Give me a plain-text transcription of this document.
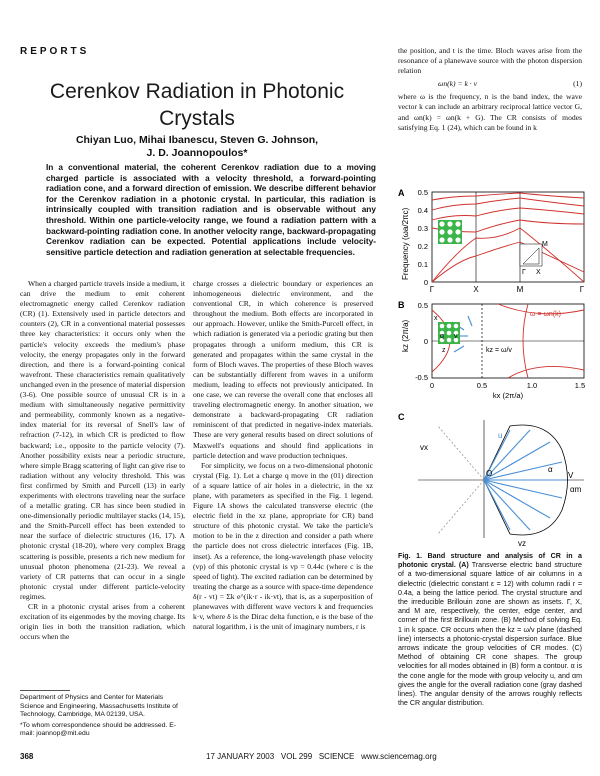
REPORTS
Cerenkov Radiation in Photonic Crystals
Chiyan Luo, Mihai Ibanescu, Steven G. Johnson,
J. D. Joannopoulos*
In a conventional material, the coherent Cerenkov radiation due to a moving charged particle is associated with a velocity threshold, a forward-pointing radiation cone, and a forward direction of emission. We describe different behavior for the Cerenkov radiation in a photonic crystal. In particular, this radiation is intrinsically coupled with transition radiation and is observable without any threshold. Within one particle-velocity range, we found a radiation pattern with a backward-pointing radiation cone. In another velocity range, backward-propagating Cerenkov radiation can be expected. Potential applications include velocity-sensitive particle detection and radiation generation at selectable frequencies.
When a charged particle travels inside a medium, it can drive the medium to emit coherent electromagnetic energy called Cerenkov radiation (CR) (1). Extensively used in particle detectors and counters (2), CR in a conventional material possesses three key characteristics: it occurs only when the particle's velocity exceeds the medium's phase velocity, the energy propagates only in the forward direction, and there is a forward-pointing conical wavefront. These characteristics remain qualitatively unchanged even in the presence of material dispersion (3-6). One possible source of unusual CR is in a medium with simultaneously negative permittivity and permeability, commonly known as a negative-index material for its reversal of Snell's law of refraction (7-12), in which CR is predicted to flow backward; i.e., opposite to the particle velocity (7). Another possibility exists near a periodic structure, where simple Bragg scattering of light can give rise to radiation without any velocity threshold. This was first confirmed by Smith and Purcell (13) in early experiments with electrons traveling near the surface of a metallic grating. CR has since been studied in one-dimensionally periodic multilayer stacks (14, 15), and the Smith-Purcell effect has been extended to near the surface of dielectric structures (16, 17). A photonic crystal (18-20), where very complex Bragg scattering is possible, presents a rich new medium for unusual photon phenomena (21-23). We reveal a variety of CR patterns that can occur in a single photonic crystal under different particle-velocity regimes.
CR in a photonic crystal arises from a coherent excitation of its eigenmodes by the moving charge. Its origin lies in both the transition radiation, which occurs when the
Department of Physics and Center for Materials Science and Engineering, Massachusetts Institute of Technology, Cambridge, MA 02139, USA.
*To whom correspondence should be addressed. E-mail: joannop@mit.edu
charge crosses a dielectric boundary or experiences an inhomogeneous dielectric environment, and the conventional CR, in which coherence is preserved throughout the medium. Both effects are incorporated in our approach. However, unlike the Smith-Purcell effect, in which radiation is generated via a periodic grating but then propagates through a uniform medium, this CR is generated and propagates within the same crystal in the form of Bloch waves. The properties of these Bloch waves can be substantially different from waves in a uniform medium, leading to effects not previously anticipated. In one case, we can reverse the overall cone that encloses all traveling electromagnetic energy. In another situation, we demonstrate a backward-propagating CR radiation reminiscent of that predicted in negative-index materials. These are very general results based on direct solutions of Maxwell's equations and should find applications in particle detection and wave production techniques.
For simplicity, we focus on a two-dimensional photonic crystal (Fig. 1). Let a charge q move in the (01) direction of a square lattice of air holes in a dielectric, in the xz plane, with parameters as specified in the Fig. 1 legend. Figure 1A shows the calculated transverse electric (the electric field in the xz plane, appropriate for CR) band structure of this photonic crystal. We take the particle's motion to be in the z direction and consider a path where the particle does not cross dielectric interfaces (Fig. 1B, inset). As a reference, the long-wavelength phase velocity (vp) of this photonic crystal is vp = 0.44c (where c is the speed of light). The excited radiation can be determined by treating the charge as a source with space-time dependence δ(r - vt) = Σk e^(ik·r - ik·vt), that is, as a superposition of planewaves with different wave vectors k and frequencies k·v, where δ is the Dirac delta function, e is the base of the natural logarithm, i is the unit of imaginary numbers, r is
the position, and t is the time. Bloch waves arise from the resonance of a planewave source with the photon dispersion relation
ωn(k) = k · v	(1)
where ω is the frequency, n is the band index, the wave vector k can include an arbitrary reciprocal lattice vector G, and ωn(k) = ωn(k + G). The CR consists of modes satisfying Eq. 1 (24), which can be found in k
A
Frequency (ωa/2πc)
0.5
0.4
0.3
0.2
0.1
0
M
Γ X
Γ	X	M	Γ
B
kz (2π/a)
0.5
0
-0.5
ω = ωn(k)
kz = ω/v
q v
z
x
0	0.5	1.0	1.5
kx (2π/a)
C
vx
vz
u
O	V
α
αm
Fig. 1. Band structure and analysis of CR in a photonic crystal. (A) Transverse electric band structure of a two-dimensional square lattice of air columns in a dielectric (dielectric constant ε = 12) with column radii r = 0.4a, a being the lattice period. The crystal structure and the irreducible Brillouin zone are shown as insets. Γ, X, and M are, respectively, the center, edge center, and corner of the first Brillouin zone. (B) Method of solving Eq. 1 in k space. CR occurs when the kz = ω/v plane (dashed line) intersects a photonic-crystal dispersion surface. Blue arrows indicate the group velocities of CR modes. (C) Method of obtaining CR cone shapes. The group velocities for all modes obtained in (B) form a contour. α is the cone angle for the mode with group velocity u, and αm gives the angle for the overall radiation cone (gray dashed lines). The angular density of the arrows roughly reflects the CR angular distribution.
368	17 JANUARY 2003 VOL 299 SCIENCE www.sciencemag.org
